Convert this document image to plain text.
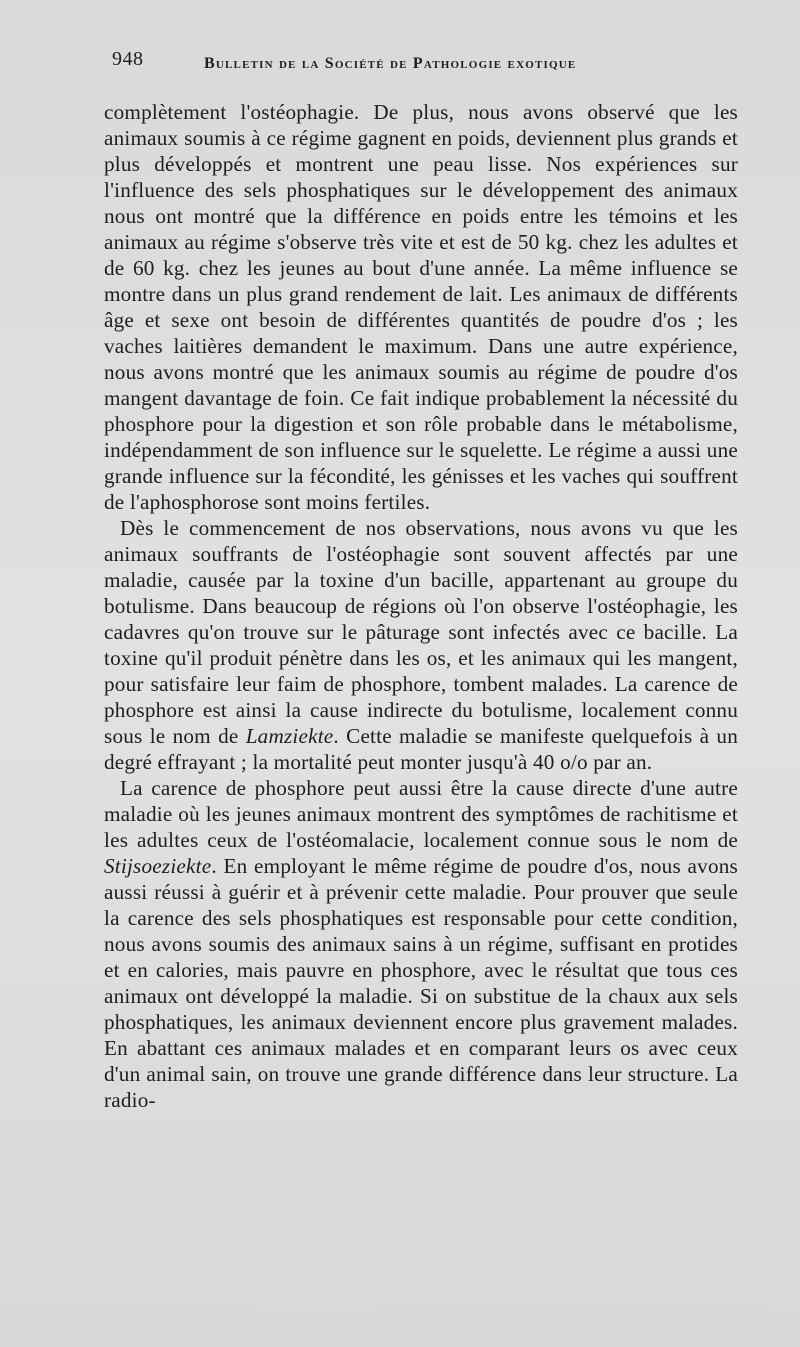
948	Bulletin de la Société de Pathologie exotique

complètement l'ostéophagie. De plus, nous avons observé que les animaux soumis à ce régime gagnent en poids, deviennent plus grands et plus développés et montrent une peau lisse. Nos expériences sur l'influence des sels phosphatiques sur le développement des animaux nous ont montré que la différence en poids entre les témoins et les animaux au régime s'observe très vite et est de 50 kg. chez les adultes et de 60 kg. chez les jeunes au bout d'une année. La même influence se montre dans un plus grand rendement de lait. Les animaux de différents âge et sexe ont besoin de différentes quantités de poudre d'os ; les vaches laitières demandent le maximum. Dans une autre expérience, nous avons montré que les animaux soumis au régime de poudre d'os mangent davantage de foin. Ce fait indique probablement la nécessité du phosphore pour la digestion et son rôle probable dans le métabolisme, indépendamment de son influence sur le squelette. Le régime a aussi une grande influence sur la fécondité, les génisses et les vaches qui souffrent de l'aphosphorose sont moins fertiles.

Dès le commencement de nos observations, nous avons vu que les animaux souffrants de l'ostéophagie sont souvent affectés par une maladie, causée par la toxine d'un bacille, appartenant au groupe du botulisme. Dans beaucoup de régions où l'on observe l'ostéophagie, les cadavres qu'on trouve sur le pâturage sont infectés avec ce bacille. La toxine qu'il produit pénètre dans les os, et les animaux qui les mangent, pour satisfaire leur faim de phosphore, tombent malades. La carence de phosphore est ainsi la cause indirecte du botulisme, localement connu sous le nom de Lamziekte. Cette maladie se manifeste quelquefois à un degré effrayant ; la mortalité peut monter jusqu'à 40 o/o par an.

La carence de phosphore peut aussi être la cause directe d'une autre maladie où les jeunes animaux montrent des symptômes de rachitisme et les adultes ceux de l'ostéomalacie, localement connue sous le nom de Stijsoeziekte. En employant le même régime de poudre d'os, nous avons aussi réussi à guérir et à prévenir cette maladie. Pour prouver que seule la carence des sels phosphatiques est responsable pour cette condition, nous avons soumis des animaux sains à un régime, suffisant en protides et en calories, mais pauvre en phosphore, avec le résultat que tous ces animaux ont développé la maladie. Si on substitue de la chaux aux sels phosphatiques, les animaux deviennent encore plus gravement malades. En abattant ces animaux malades et en comparant leurs os avec ceux d'un animal sain, on trouve une grande différence dans leur structure. La radio-
